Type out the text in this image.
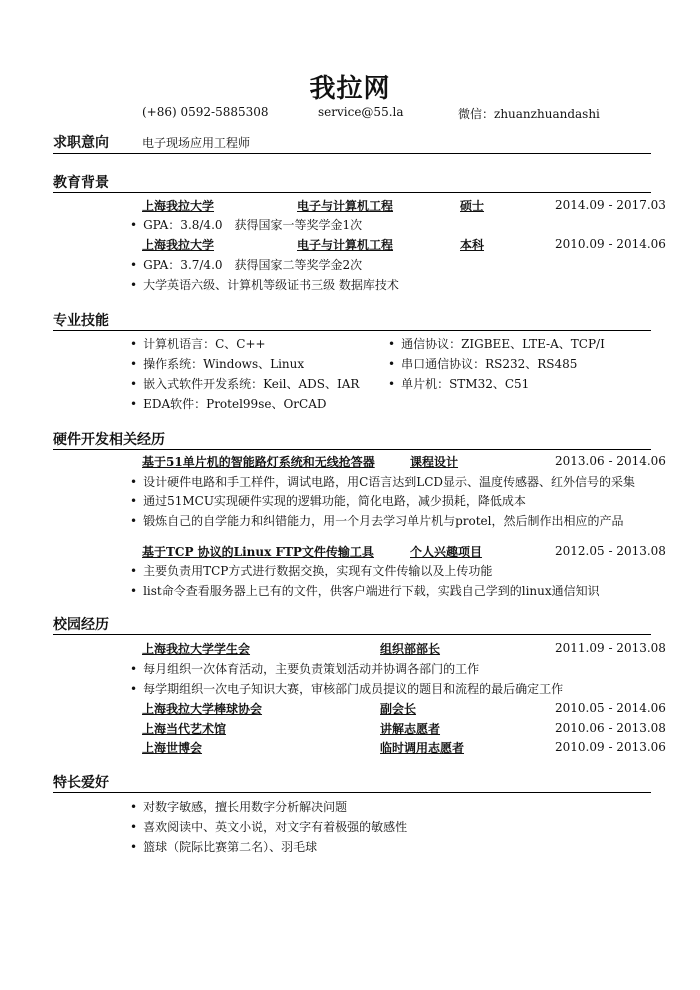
我拉网
(+86) 0592-5885308	service@55.la	微信：zhuanzhuandashi
求职意向	电子现场应用工程师
教育背景
上海我拉大学	电子与计算机工程	硕士	2014.09 - 2017.03
• GPA：3.8/4.0　获得国家一等奖学金1次
上海我拉大学	电子与计算机工程	本科	2010.09 - 2014.06
• GPA：3.7/4.0　获得国家二等奖学金2次
• 大学英语六级、计算机等级证书三级 数据库技术
专业技能
• 计算机语言：C、C++
• 操作系统：Windows、Linux
• 嵌入式软件开发系统：Keil、ADS、IAR
• EDA软件：Protel99se、OrCAD
• 通信协议：ZIGBEE、LTE-A、TCP/I
• 串口通信协议：RS232、RS485
• 单片机：STM32、C51
硬件开发相关经历
基于51单片机的智能路灯系统和无线抢答器	课程设计	2013.06 - 2014.06
• 设计硬件电路和手工样件，调试电路，用C语言达到LCD显示、温度传感器、红外信号的采集
• 通过51MCU实现硬件实现的逻辑功能，简化电路，减少损耗，降低成本
• 锻炼自己的自学能力和纠错能力，用一个月去学习单片机与protel，然后制作出相应的产品
基于TCP 协议的Linux FTP文件传输工具	个人兴趣项目	2012.05 - 2013.08
• 主要负责用TCP方式进行数据交换，实现有文件传输以及上传功能
• list命令查看服务器上已有的文件，供客户端进行下载，实践自己学到的linux通信知识
校园经历
上海我拉大学学生会	组织部部长	2011.09 - 2013.08
• 每月组织一次体育活动，主要负责策划活动并协调各部门的工作
• 每学期组织一次电子知识大赛，审核部门成员提议的题目和流程的最后确定工作
上海我拉大学棒球协会	副会长	2010.05 - 2014.06
上海当代艺术馆	讲解志愿者	2010.06 - 2013.08
上海世博会	临时调用志愿者	2010.09 - 2013.06
特长爱好
• 对数字敏感，擅长用数字分析解决问题
• 喜欢阅读中、英文小说，对文字有着极强的敏感性
• 篮球（院际比赛第二名）、羽毛球
